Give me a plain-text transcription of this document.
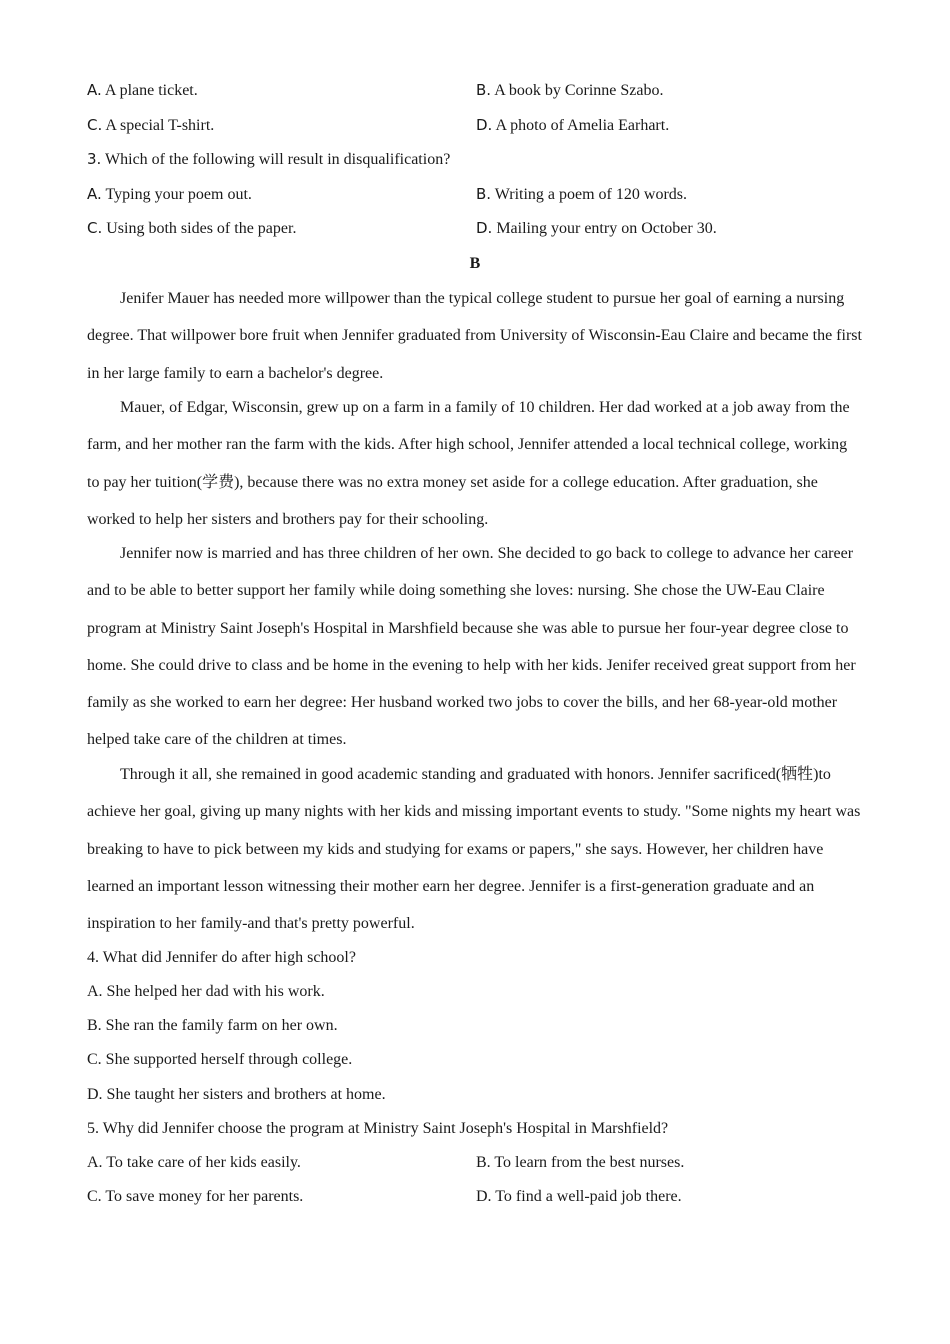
A. A plane ticket.	B. A book by Corinne Szabo.
C. A special T-shirt.	D. A photo of Amelia Earhart.
3. Which of the following will result in disqualification?
A. Typing your poem out.	B. Writing a poem of 120 words.
C. Using both sides of the paper.	D. Mailing your entry on October 30.
B
Jenifer Mauer has needed more willpower than the typical college student to pursue her goal of earning a nursing degree. That willpower bore fruit when Jennifer graduated from University of Wisconsin-Eau Claire and became the first in her large family to earn a bachelor's degree.
Mauer, of Edgar, Wisconsin, grew up on a farm in a family of 10 children. Her dad worked at a job away from the farm, and her mother ran the farm with the kids. After high school, Jennifer attended a local technical college, working to pay her tuition(学费), because there was no extra money set aside for a college education. After graduation, she worked to help her sisters and brothers pay for their schooling.
Jennifer now is married and has three children of her own. She decided to go back to college to advance her career and to be able to better support her family while doing something she loves: nursing. She chose the UW-Eau Claire program at Ministry Saint Joseph's Hospital in Marshfield because she was able to pursue her four-year degree close to home. She could drive to class and be home in the evening to help with her kids. Jenifer received great support from her family as she worked to earn her degree: Her husband worked two jobs to cover the bills, and her 68-year-old mother helped take care of the children at times.
Through it all, she remained in good academic standing and graduated with honors. Jennifer sacrificed(牺牲)to achieve her goal, giving up many nights with her kids and missing important events to study. "Some nights my heart was breaking to have to pick between my kids and studying for exams or papers," she says. However, her children have learned an important lesson witnessing their mother earn her degree. Jennifer is a first-generation graduate and an inspiration to her family-and that's pretty powerful.
4. What did Jennifer do after high school?
A. She helped her dad with his work.
B. She ran the family farm on her own.
C. She supported herself through college.
D. She taught her sisters and brothers at home.
5. Why did Jennifer choose the program at Ministry Saint Joseph's Hospital in Marshfield?
A. To take care of her kids easily.	B. To learn from the best nurses.
C. To save money for her parents.	D. To find a well-paid job there.
